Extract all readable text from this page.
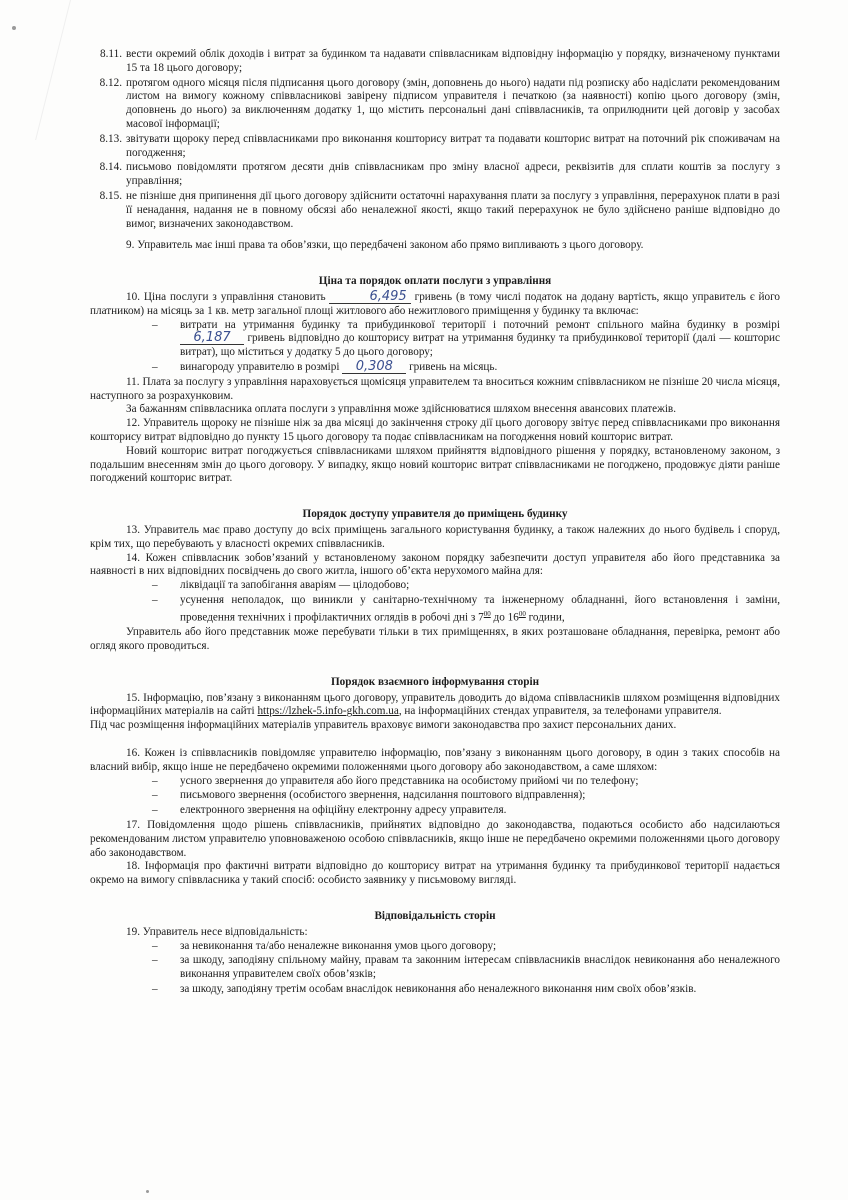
8.11. вести окремий облік доходів і витрат за будинком та надавати співвласникам відповідну інформацію у порядку, визначеному пунктами 15 та 18 цього договору;
8.12. протягом одного місяця після підписання цього договору (змін, доповнень до нього) надати під розписку або надіслати рекомендованим листом на вимогу кожному співвласникові завірену підписом управителя і печаткою (за наявності) копію цього договору (змін, доповнень до нього) за виключенням додатку 1, що містить персональні дані співвласників, та оприлюднити цей договір у засобах масової інформації;
8.13. звітувати щороку перед співвласниками про виконання кошторису витрат та подавати кошторис витрат на поточний рік споживачам на погодження;
8.14. письмово повідомляти протягом десяти днів співвласникам про зміну власної адреси, реквізитів для сплати коштів за послугу з управління;
8.15. не пізніше дня припинення дії цього договору здійснити остаточні нарахування плати за послугу з управління, перерахунок плати в разі її ненадання, надання не в повному обсязі або неналежної якості, якщо такий перерахунок не було здійснено раніше відповідно до вимог, визначених законодавством.

9. Управитель має інші права та обов’язки, що передбачені законом або прямо випливають з цього договору.

Ціна та порядок оплати послуги з управління

10. Ціна послуги з управління становить	6,495 гривень (в тому числі податок на додану вартість, якщо управитель є його платником) на місяць за 1 кв. метр загальної площі житлового або нежитлового приміщення у будинку та включає:

– витрати на утримання будинку та прибудинкової території і поточний ремонт спільного майна будинку в розмірі 6,187 гривень відповідно до кошторису витрат на утримання будинку та прибудинкової території (далі — кошторис витрат), що міститься у додатку 5 до цього договору;
– винагороду управителю в розмірі 0,308 гривень на місяць.

11. Плата за послугу з управління нараховується щомісяця управителем та вноситься кожним співвласником не пізніше 20 числа місяця, наступного за розрахунковим.

За бажанням співвласника оплата послуги з управління може здійснюватися шляхом внесення авансових платежів.

12. Управитель щороку не пізніше ніж за два місяці до закінчення строку дії цього договору звітує перед співвласниками про виконання кошторису витрат відповідно до пункту 15 цього договору та подає співвласникам на погодження новий кошторис витрат.

Новий кошторис витрат погоджується співвласниками шляхом прийняття відповідного рішення у порядку, встановленому законом, з подальшим внесенням змін до цього договору. У випадку, якщо новий кошторис витрат співвласниками не погоджено, продовжує діяти раніше погоджений кошторис витрат.

Порядок доступу управителя до приміщень будинку

13. Управитель має право доступу до всіх приміщень загального користування будинку, а також належних до нього будівель і споруд, крім тих, що перебувають у власності окремих співвласників.

14. Кожен співвласник зобов’язаний у встановленому законом порядку забезпечити доступ управителя або його представника за наявності в них відповідних посвідчень до свого житла, іншого об’єкта нерухомого майна для:

– ліквідації та запобігання аваріям — цілодобово;
– усунення неполадок, що виникли у санітарно-технічному та інженерному обладнанні, його встановлення і заміни, проведення технічних і профілактичних оглядів в робочі дні з $7^{00}$ до $16^{00}$ години,

Управитель або його представник може перебувати тільки в тих приміщеннях, в яких розташоване обладнання, перевірка, ремонт або огляд якого проводиться.

Порядок взаємного інформування сторін

15. Інформацію, пов’язану з виконанням цього договору, управитель доводить до відома співвласників шляхом розміщення відповідних інформаційних матеріалів на сайті https://lzhek-5.info-gkh.com.ua, на інформаційних стендах управителя, за телефонами управителя.

Під час розміщення інформаційних матеріалів управитель враховує вимоги законодавства про захист персональних даних.

16. Кожен із співвласників повідомляє управителю інформацію, пов’язану з виконанням цього договору, в один з таких способів на власний вибір, якщо інше не передбачено окремими положеннями цього договору або законодавством, а саме шляхом:

– усного звернення до управителя або його представника на особистому прийомі чи по телефону;
– письмового звернення (особистого звернення, надсилання поштового відправлення);
– електронного звернення на офіційну електронну адресу управителя.

17. Повідомлення щодо рішень співвласників, прийнятих відповідно до законодавства, подаються особисто або надсилаються рекомендованим листом управителю уповноваженою особою співвласників, якщо інше не передбачено окремими положеннями цього договору або законодавством.

18. Інформація про фактичні витрати відповідно до кошторису витрат на утримання будинку та прибудинкової території надається окремо на вимогу співвласника у такий спосіб: особисто заявнику у письмовому вигляді.

Відповідальність сторін

19. Управитель несе відповідальність:

– за невиконання та/або неналежне виконання умов цього договору;
– за шкоду, заподіяну спільному майну, правам та законним інтересам співвласників внаслідок невиконання або неналежного виконання управителем своїх обов’язків;
– за шкоду, заподіяну третім особам внаслідок невиконання або неналежного виконання ним своїх обов’язків.
